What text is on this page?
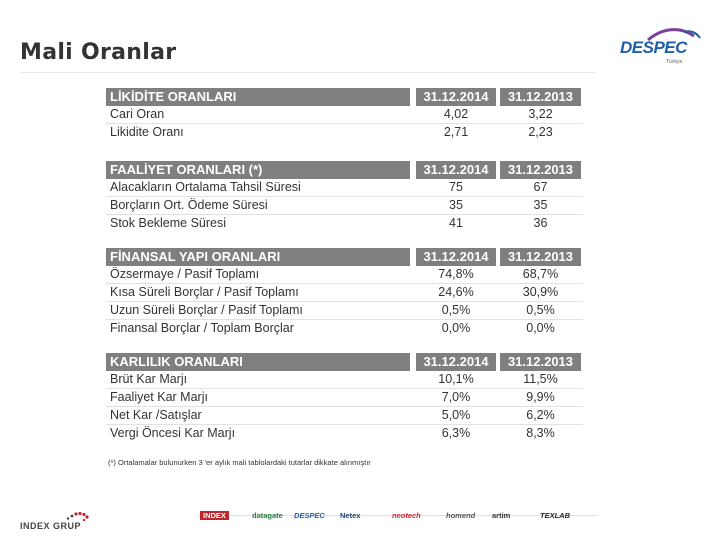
Mali Oranlar	DESPEC
Türkiye
LİKİDİTE ORANLARI	31.12.2014	31.12.2013
Cari Oran	4,02	3,22
Likidite Oranı	2,71	2,23
FAALİYET ORANLARI (*)	31.12.2014	31.12.2013
Alacakların Ortalama Tahsil Süresi	75	67
Borçların Ort. Ödeme Süresi	35	35
Stok Bekleme Süresi	41	36
FİNANSAL YAPI ORANLARI	31.12.2014	31.12.2013
Özsermaye / Pasif Toplamı	74,8%	68,7%
Kısa Süreli Borçlar / Pasif Toplamı	24,6%	30,9%
Uzun Süreli Borçlar / Pasif Toplamı	0,5%	0,5%
Finansal Borçlar / Toplam Borçlar	0,0%	0,0%
KARLILIK ORANLARI	31.12.2014	31.12.2013
Brüt Kar Marjı	10,1%	11,5%
Faaliyet Kar Marjı	7,0%	9,9%
Net Kar /Satışlar	5,0%	6,2%
Vergi Öncesi Kar Marjı	6,3%	8,3%
(*) Ortalamalar bulunurken 3 'er aylık mali tablolardaki tutarlar dikkate alınmıştır
INDEX GRUP
INDEX	datagate DESPEC Netex	neotech	homend artim	TEXLAB
